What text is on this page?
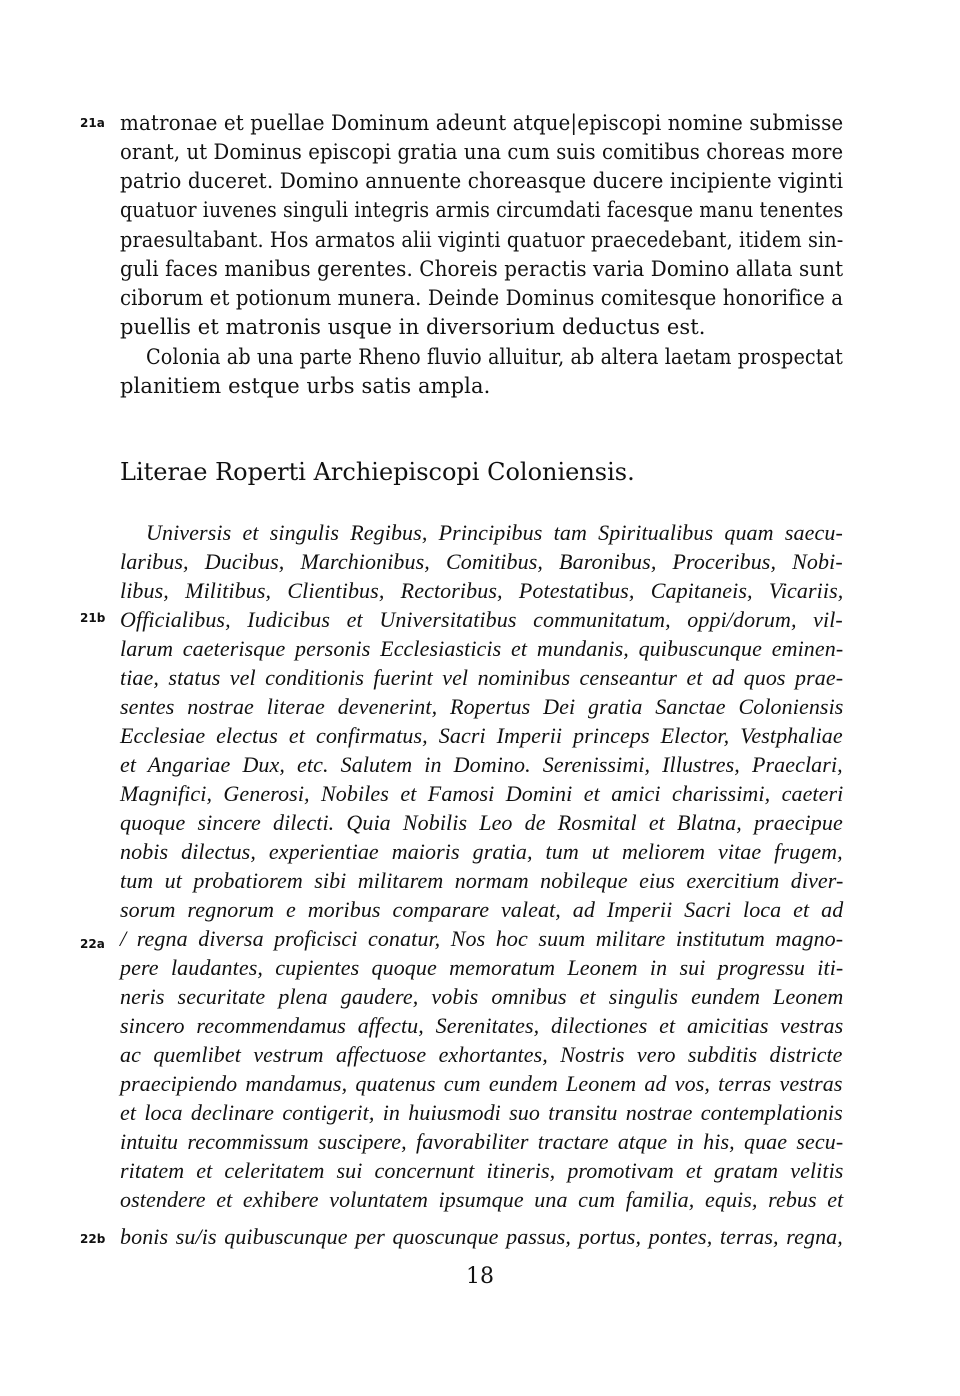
21a
21b
22a
22b
matronae et puellae Dominum adeunt atque|episcopi nomine submisse
orant, ut Dominus episcopi gratia una cum suis comitibus choreas more
patrio duceret. Domino annuente choreasque ducere incipiente viginti
quatuor iuvenes singuli integris armis circumdati facesque manu tenentes
praesultabant. Hos armatos alii viginti quatuor praecedebant, itidem sin-
guli faces manibus gerentes. Choreis peractis varia Domino allata sunt
ciborum et potionum munera. Deinde Dominus comitesque honorifice a
puellis et matronis usque in diversorium deductus est.
Colonia ab una parte Rheno fluvio alluitur, ab altera laetam prospectat
planitiem estque urbs satis ampla.
Literae Roperti Archiepiscopi Coloniensis.
Universis et singulis Regibus, Principibus tam Spiritualibus quam saecu-
laribus, Ducibus, Marchionibus, Comitibus, Baronibus, Proceribus, Nobi-
libus, Militibus, Clientibus, Rectoribus, Potestatibus, Capitaneis, Vicariis,
Officialibus, Iudicibus et Universitatibus communitatum, oppi/dorum, vil-
larum caeterisque personis Ecclesiasticis et mundanis, quibuscunque eminen-
tiae, status vel conditionis fuerint vel nominibus censeantur et ad quos prae-
sentes nostrae literae devenerint, Ropertus Dei gratia Sanctae Coloniensis
Ecclesiae electus et confirmatus, Sacri Imperii princeps Elector, Vestphaliae
et Angariae Dux, etc. Salutem in Domino. Serenissimi, Illustres, Praeclari,
Magnifici, Generosi, Nobiles et Famosi Domini et amici charissimi, caeteri
quoque sincere dilecti. Quia Nobilis Leo de Rosmital et Blatna, praecipue
nobis dilectus, experientiae maioris gratia, tum ut meliorem vitae frugem,
tum ut probatiorem sibi militarem normam nobileque eius exercitium diver-
sorum regnorum e moribus comparare valeat, ad Imperii Sacri loca et ad
/ regna diversa proficisci conatur, Nos hoc suum militare institutum magno-
pere laudantes, cupientes quoque memoratum Leonem in sui progressu iti-
neris securitate plena gaudere, vobis omnibus et singulis eundem Leonem
sincero recommendamus affectu, Serenitates, dilectiones et amicitias vestras
ac quemlibet vestrum affectuose exhortantes, Nostris vero subditis districte
praecipiendo mandamus, quatenus cum eundem Leonem ad vos, terras vestras
et loca declinare contigerit, in huiusmodi suo transitu nostrae contemplationis
intuitu recommissum suscipere, favorabiliter tractare atque in his, quae secu-
ritatem et celeritatem sui concernunt itineris, promotivam et gratam velitis
ostendere et exhibere voluntatem ipsumque una cum familia, equis, rebus et
bonis su/is quibuscunque per quoscunque passus, portus, pontes, terras, regna,
18
